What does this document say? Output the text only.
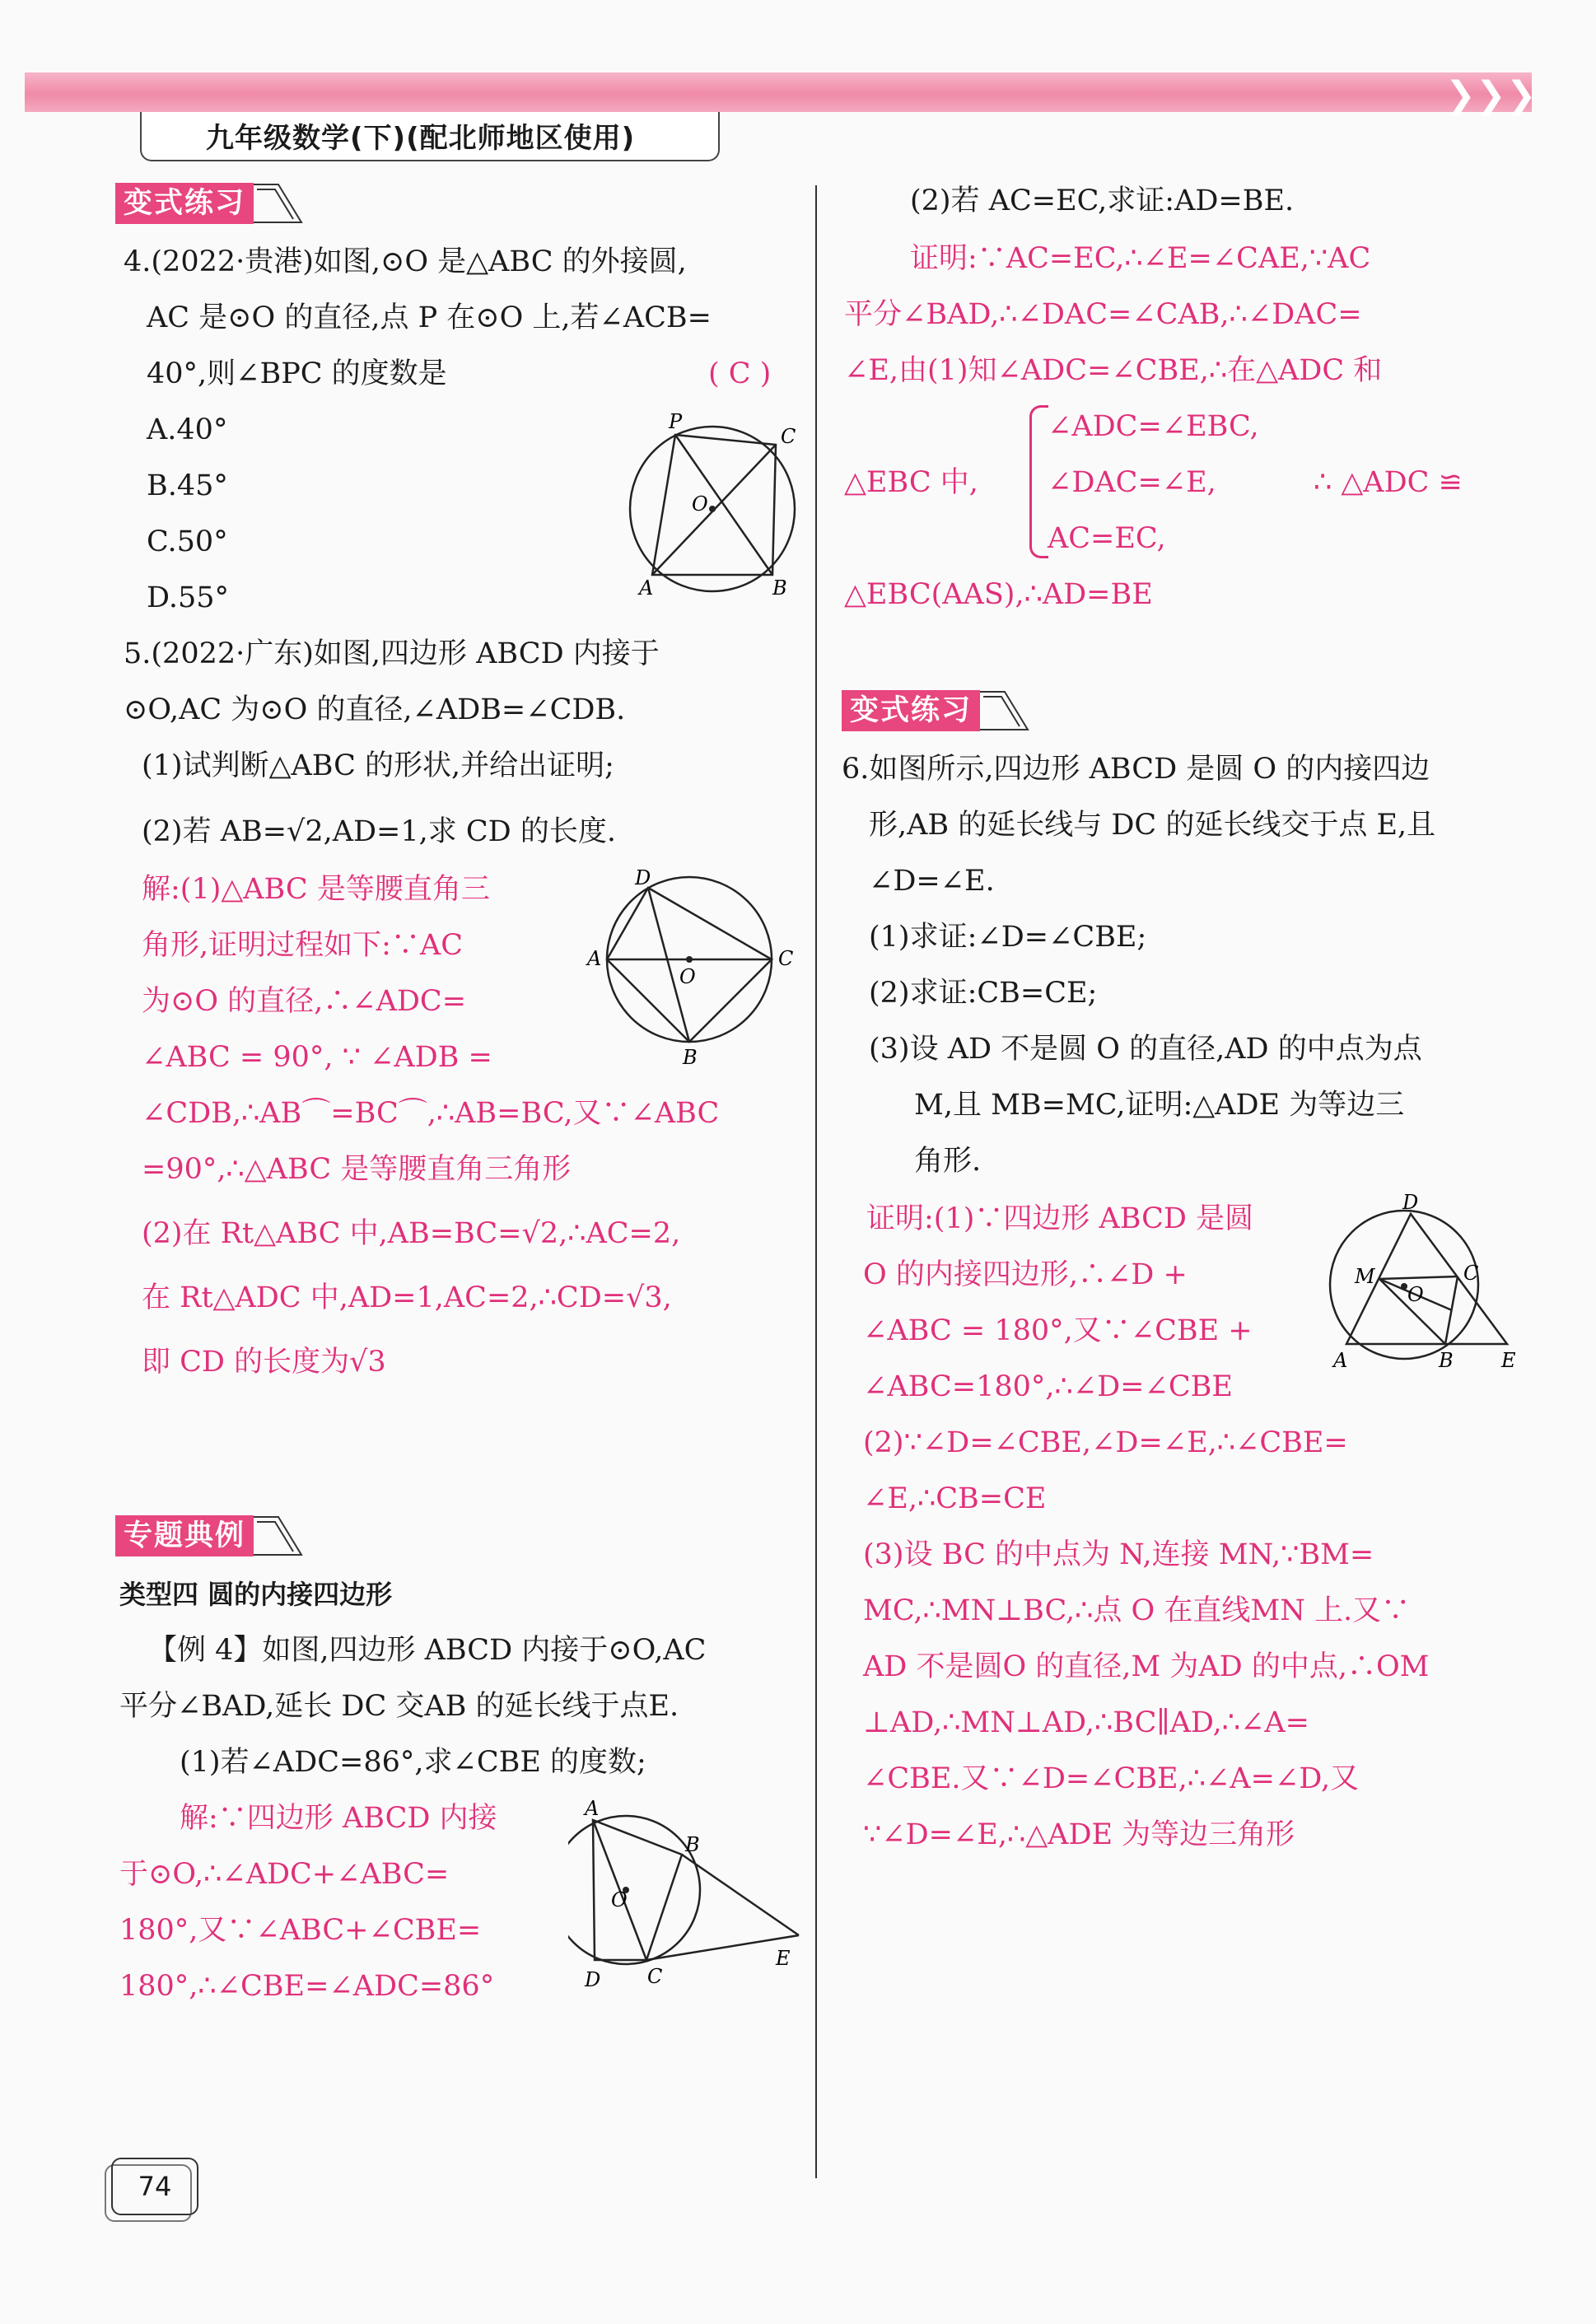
❯❯❯
九年级数学(下)(配北师地区使用)
变式练习
4.(2022·贵港)如图,⊙O 是△ABC 的外接圆,
AC 是⊙O 的直径,点 P 在⊙O 上,若∠ACB=
40°,则∠BPC 的度数是	( C )
A.40°
B.45°
C.50°
D.55°
P
C
O
A	B
5.(2022·广东)如图,四边形 ABCD 内接于
⊙O,AC 为⊙O 的直径,∠ADB=∠CDB.
(1)试判断△ABC 的形状,并给出证明;
(2)若 AB=√2,AD=1,求 CD 的长度.
解:(1)△ABC 是等腰直角三
角形,证明过程如下:∵AC
为⊙O 的直径,∴∠ADC=
∠ABC = 90°, ∵ ∠ADB =
∠CDB,∴AB⌒=BC⌒,∴AB=BC,又∵∠ABC
=90°,∴△ABC 是等腰直角三角形
(2)在 Rt△ABC 中,AB=BC=√2,∴AC=2,
在 Rt△ADC 中,AD=1,AC=2,∴CD=√3,
即 CD 的长度为√3
D
A
O
C
B
专题典例
类型四 圆的内接四边形
【例 4】如图,四边形 ABCD 内接于⊙O,AC
平分∠BAD,延长 DC 交AB 的延长线于点E.
(1)若∠ADC=86°,求∠CBE 的度数;
解:∵四边形 ABCD 内接
于⊙O,∴∠ADC+∠ABC=
180°,又∵∠ABC+∠CBE=
180°,∴∠CBE=∠ADC=86°
A
B
O
C
D
E
(2)若 AC=EC,求证:AD=BE.
证明:∵AC=EC,∴∠E=∠CAE,∵AC
平分∠BAD,∴∠DAC=∠CAB,∴∠DAC=
∠E,由(1)知∠ADC=∠CBE,∴在△ADC 和
△EBC 中,
∠ADC=∠EBC,
∠DAC=∠E,
AC=EC,
∴ △ADC ≌
△EBC(AAS),∴AD=BE
变式练习
6.如图所示,四边形 ABCD 是圆 O 的内接四边
形,AB 的延长线与 DC 的延长线交于点 E,且
∠D=∠E.
(1)求证:∠D=∠CBE;
(2)求证:CB=CE;
(3)设 AD 不是圆 O 的直径,AD 的中点为点
M,且 MB=MC,证明:△ADE 为等边三
角形.
证明:(1)∵四边形 ABCD 是圆
O 的内接四边形,∴∠D +
∠ABC = 180°,又∵∠CBE +
∠ABC=180°,∴∠D=∠CBE
(2)∵∠D=∠CBE,∠D=∠E,∴∠CBE=
∠E,∴CB=CE
(3)设 BC 的中点为 N,连接 MN,∵BM=
MC,∴MN⊥BC,∴点 O 在直线MN 上.又∵
AD 不是圆O 的直径,M 为AD 的中点,∴OM
⊥AD,∴MN⊥AD,∴BC∥AD,∴∠A=
∠CBE.又∵∠D=∠CBE,∴∠A=∠D,又
∵∠D=∠E,∴△ADE 为等边三角形
D
M
O
C
A	B E
74
